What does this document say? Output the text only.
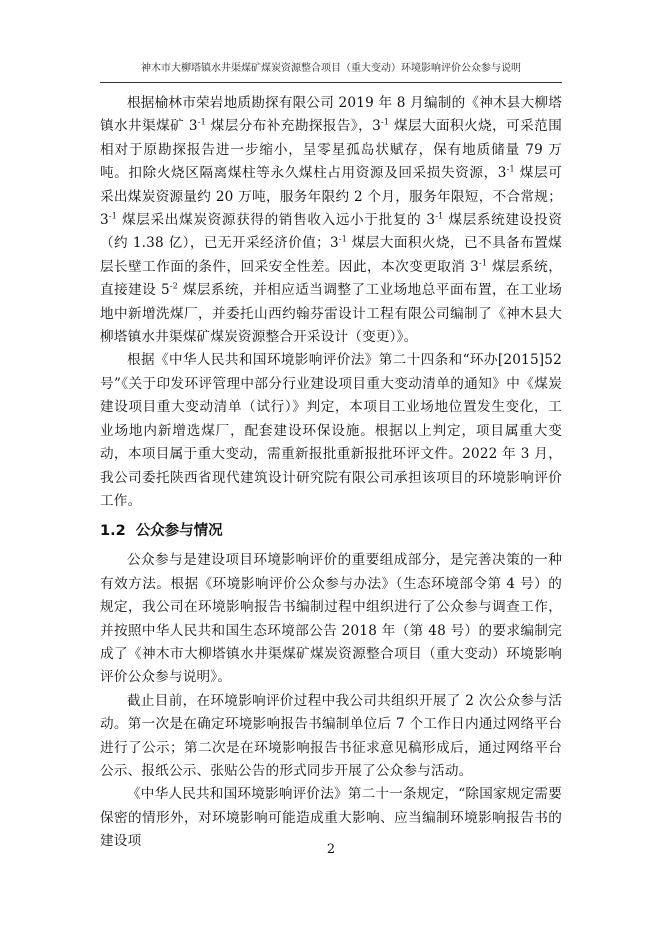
神木市大柳塔镇水井渠煤矿煤炭资源整合项目（重大变动）环境影响评价公众参与说明

根据榆林市荣岩地质勘探有限公司 2019 年 8 月编制的《神木县大柳塔镇水井渠煤矿 $3^{-1}$ 煤层分布补充勘探报告》，$3^{-1}$ 煤层大面积火烧，可采范围相对于原勘探报告进一步缩小，呈零星孤岛状赋存，保有地质储量 79 万吨。扣除火烧区隔离煤柱等永久煤柱占用资源及回采损失资源，$3^{-1}$ 煤层可采出煤炭资源量约 20 万吨，服务年限约 2 个月，服务年限短，不合常规；$3^{-1}$ 煤层采出煤炭资源获得的销售收入远小于批复的 $3^{-1}$ 煤层系统建设投资（约 1.38 亿），已无开采经济价值；$3^{-1}$ 煤层大面积火烧，已不具备布置煤层长壁工作面的条件，回采安全性差。因此，本次变更取消 $3^{-1}$ 煤层系统，直接建设 $5^{-2}$ 煤层系统，并相应适当调整了工业场地总平面布置，在工业场地中新增洗煤厂，并委托山西约翰芬雷设计工程有限公司编制了《神木县大柳塔镇水井渠煤矿煤炭资源整合开采设计（变更）》。

根据《中华人民共和国环境影响评价法》第二十四条和“环办[2015]52 号”《关于印发环评管理中部分行业建设项目重大变动清单的通知》中《煤炭建设项目重大变动清单（试行）》判定，本项目工业场地位置发生变化，工业场地内新增选煤厂，配套建设环保设施。根据以上判定，项目属重大变动，本项目属于重大变动，需重新报批重新报批环评文件。2022 年 3 月，我公司委托陕西省现代建筑设计研究院有限公司承担该项目的环境影响评价工作。

1.2 公众参与情况

公众参与是建设项目环境影响评价的重要组成部分，是完善决策的一种有效方法。根据《环境影响评价公众参与办法》（生态环境部令第 4 号）的规定，我公司在环境影响报告书编制过程中组织进行了公众参与调查工作，并按照中华人民共和国生态环境部公告 2018 年（第 48 号）的要求编制完成了《神木市大柳塔镇水井渠煤矿煤炭资源整合项目（重大变动）环境影响评价公众参与说明》。

截止目前，在环境影响评价过程中我公司共组织开展了 2 次公众参与活动。第一次是在确定环境影响报告书编制单位后 7 个工作日内通过网络平台进行了公示；第二次是在环境影响报告书征求意见稿形成后，通过网络平台公示、报纸公示、张贴公告的形式同步开展了公众参与活动。

《中华人民共和国环境影响评价法》第二十一条规定，“除国家规定需要保密的情形外，对环境影响可能造成重大影响、应当编制环境影响报告书的建设项

2
